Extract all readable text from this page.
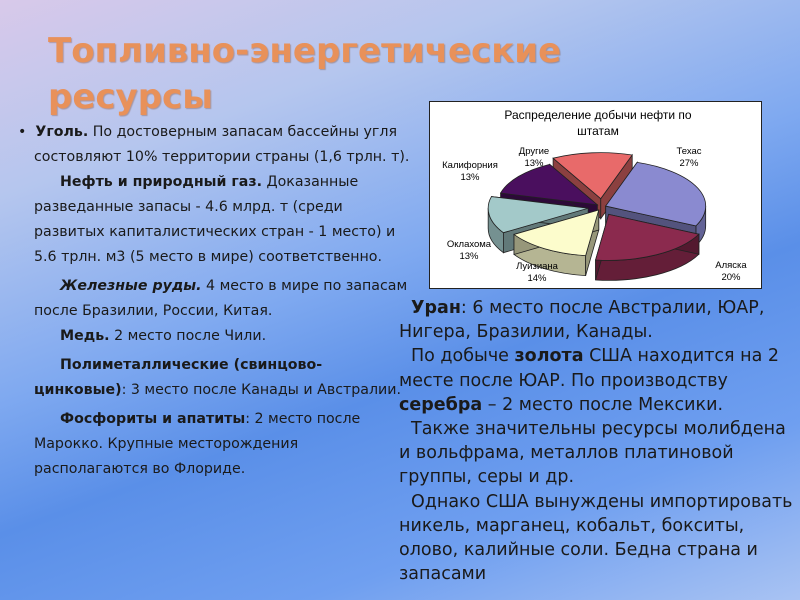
Топливно-энергетические ресурсы

•  Уголь. По достоверным запасам бассейны угля состовляют 10% территории страны (1,6 трлн. т).

Нефть и природный газ. Доказанные разведанные запасы - 4.6 млрд. т (среди развитых капиталистических стран - 1 место) и 5.6 трлн. м3 (5 место в мире) соответственно.

Железные руды. 4 место в мире по запасам после Бразилии, России, Китая.

Медь. 2 место после Чили.

Полиметаллические (свинцово-цинковые): 3 место после Канады и Австралии.

Фосфориты и апатиты: 2 место после Марокко. Крупные месторождения располагаются во Флориде.

Распределение добычи нефти по
штатам
Техас
27%
Аляска
20%
Луизиана
14%
Оклахома
13%
Калифорния
13%
Другие
13%

Уран: 6 место после Австралии, ЮАР, Нигера, Бразилии, Канады.

По добыче золота США находится на 2 месте после ЮАР. По производству серебра – 2 место после Мексики.

Также значительны ресурсы молибдена и вольфрама, металлов платиновой группы, серы и др.

Однако США вынуждены импортировать никель, марганец, кобальт, бокситы, олово, калийные соли. Бедна страна и запасами
